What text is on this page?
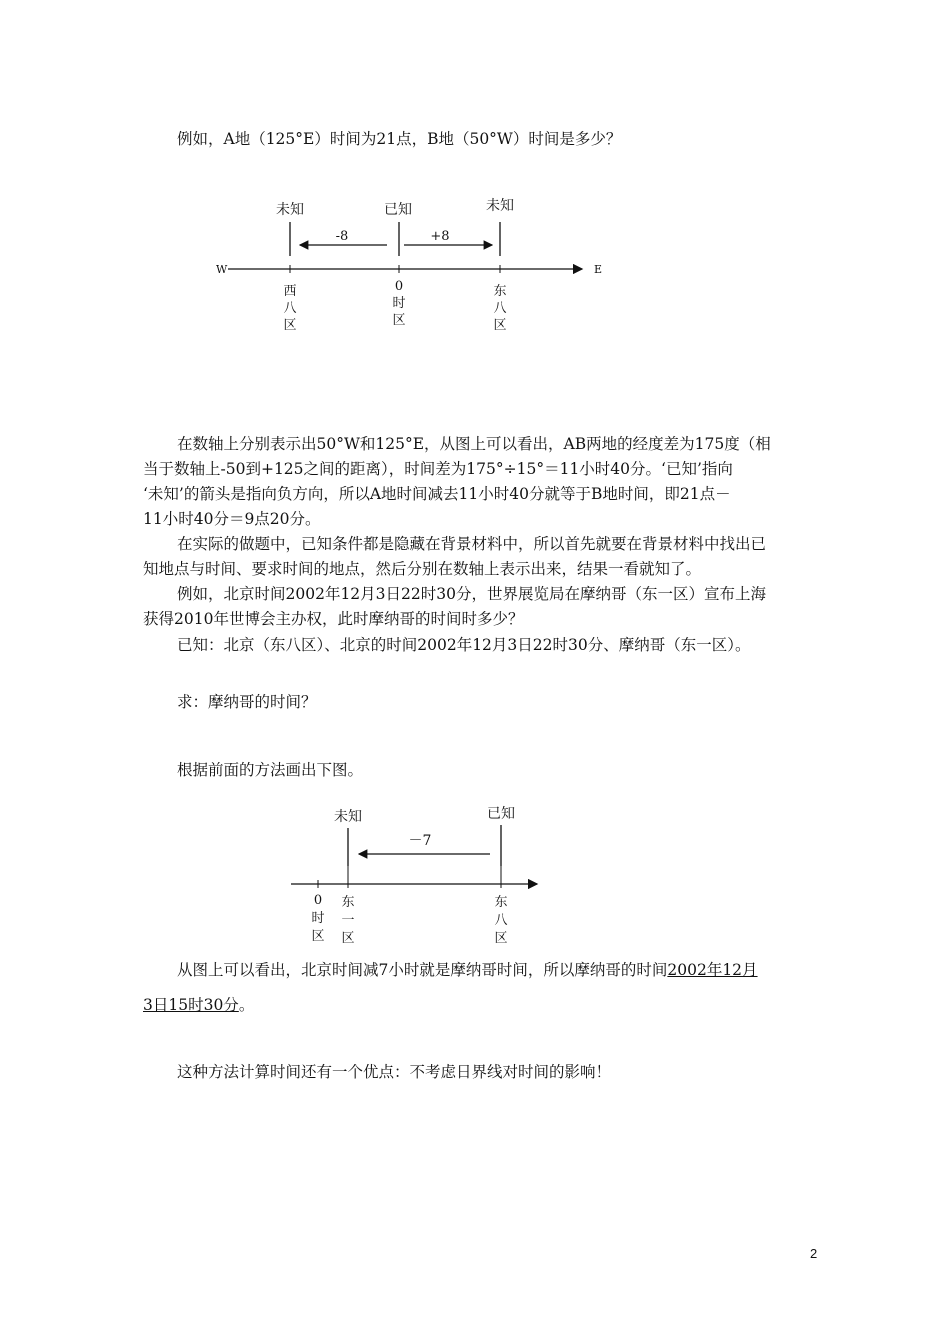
例如，A地（125°E）时间为21点，B地（50°W）时间是多少？
未知	已知	未知
-8	+8
W	E
西
八
区
0
时
区
东
八
区
在数轴上分别表示出50°W和125°E，从图上可以看出，AB两地的经度差为175度（相
当于数轴上-50到+125之间的距离），时间差为175°÷15°＝11小时40分。‘已知’指向
‘未知’的箭头是指向负方向，所以A地时间减去11小时40分就等于B地时间，即21点－
11小时40分＝9点20分。
在实际的做题中，已知条件都是隐藏在背景材料中，所以首先就要在背景材料中找出已
知地点与时间、要求时间的地点，然后分别在数轴上表示出来，结果一看就知了。
例如，北京时间2002年12月3日22时30分，世界展览局在摩纳哥（东一区）宣布上海
获得2010年世博会主办权，此时摩纳哥的时间时多少？
已知：北京（东八区）、北京的时间2002年12月3日22时30分、摩纳哥（东一区）。
求：摩纳哥的时间？
根据前面的方法画出下图。
未知	已知
－7
0
时
区
东
一
区
东
八
区
从图上可以看出，北京时间减7小时就是摩纳哥时间，所以摩纳哥的时间2002年12月
3日15时30分。
这种方法计算时间还有一个优点：不考虑日界线对时间的影响！
2
